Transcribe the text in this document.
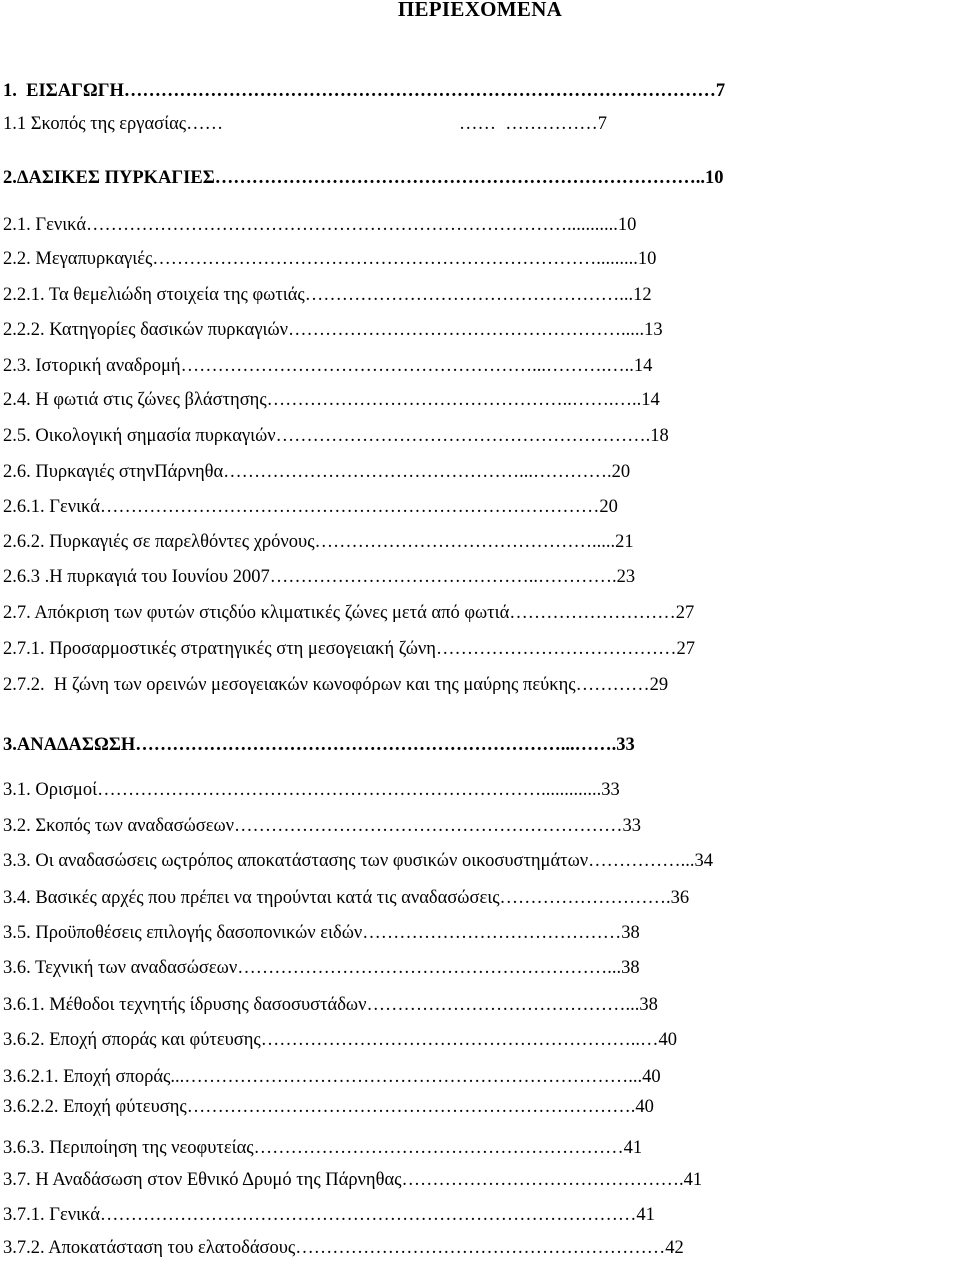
ΠΕΡΙΕΧΟΜΕΝΑ
1.  ΕΙΣΑΓΩΓΗ……………………………………………………………………………………7
1.1 Σκοπός της εργασίας……                                                   ……  ……………7
2.ΔΑΣΙΚΕΣ ΠΥΡΚΑΓΙΕΣ……………………………………………………………………..10
2.1. Γενικά……………………………………………………………………...........10
2.2. Μεγαπυρκαγιές……………………………………………………………….........10
2.2.1. Τα θεμελιώδη στοιχεία της φωτιάς……………………………………………...12
2.2.2. Κατηγορίες δασικών πυρκαγιών……………………………………………….....13
2.3. Ιστορική αναδρομή…………………………………………………...……….…..14
2.4. Η φωτιά στις ζώνες βλάστησης…………………………………………..…….…..14
2.5. Οικολογική σημασία πυρκαγιών…………………………………………………….18
2.6. Πυρκαγιές στηνΠάρνηθα…………………………………………...………….20
2.6.1. Γενικά………………………………………………………………………20
2.6.2. Πυρκαγιές σε παρελθόντες χρόνους……………………………………….....21
2.6.3 .Η πυρκαγιά του Ιουνίου 2007……………………………………..………….23
2.7. Απόκριση των φυτών στιςδύο κλιματικές ζώνες μετά από φωτιά………………………27
2.7.1. Προσαρμοστικές στρατηγικές στη μεσογειακή ζώνη…………………………………27
2.7.2.  Η ζώνη των ορεινών μεσογειακών κωνοφόρων και της μαύρης πεύκης…………29
3.ΑΝΑΔΑΣΩΣΗ……………………………………………………………...…….33
3.1. Ορισμοί……………………………………………………………….............33
3.2. Σκοπός των αναδασώσεων………………………………………………………33
3.3. Οι αναδασώσεις ωςτρόπος αποκατάστασης των φυσικών οικοσυστημάτων……………...34
3.4. Βασικές αρχές που πρέπει να τηρούνται κατά τις αναδασώσεις……………………….36
3.5. Προϋποθέσεις επιλογής δασοπονικών ειδών……………………………………38
3.6. Τεχνική των αναδασώσεων……………………………………………………...38
3.6.1. Μέθοδοι τεχνητής ίδρυσης δασοσυστάδων……………………………………...38
3.6.2. Εποχή σποράς και φύτευσης……………………………………………………..…40
3.6.2.1. Εποχή σποράς...………………………………………………………………...40
3.6.2.2. Εποχή φύτευσης……………………………………………………………….40
3.6.3. Περιποίηση της νεοφυτείας……………………………………………………41
3.7. Η Αναδάσωση στον Εθνικό Δρυμό της Πάρνηθας……………………………………….41
3.7.1. Γενικά……………………………………………………………………………41
3.7.2. Αποκατάσταση του ελατοδάσους……………………………………………………42
